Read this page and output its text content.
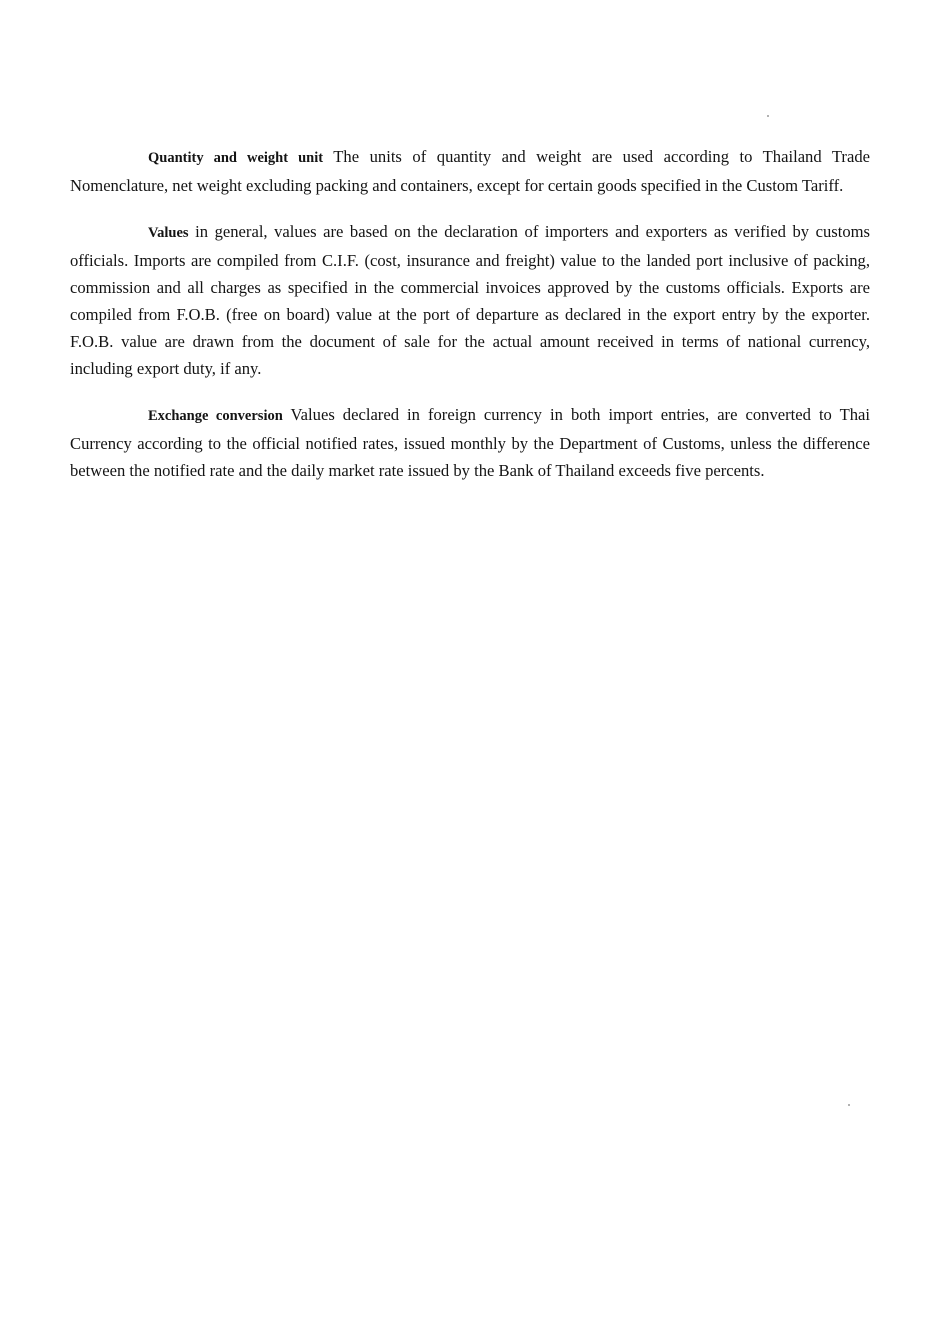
Quantity and weight unit The units of quantity and weight are used according to Thailand Trade Nomenclature, net weight excluding packing and containers, except for certain goods specified in the Custom Tariff.

Values in general, values are based on the declaration of importers and exporters as verified by customs officials. Imports are compiled from C.I.F. (cost, insurance and freight) value to the landed port inclusive of packing, commission and all charges as specified in the commercial invoices approved by the customs officials. Exports are compiled from F.O.B. (free on board) value at the port of departure as declared in the export entry by the exporter. F.O.B. value are drawn from the document of sale for the actual amount received in terms of national currency, including export duty, if any.

Exchange conversion Values declared in foreign currency in both import entries, are converted to Thai Currency according to the official notified rates, issued monthly by the Department of Customs, unless the difference between the notified rate and the daily market rate issued by the Bank of Thailand exceeds five percents.
